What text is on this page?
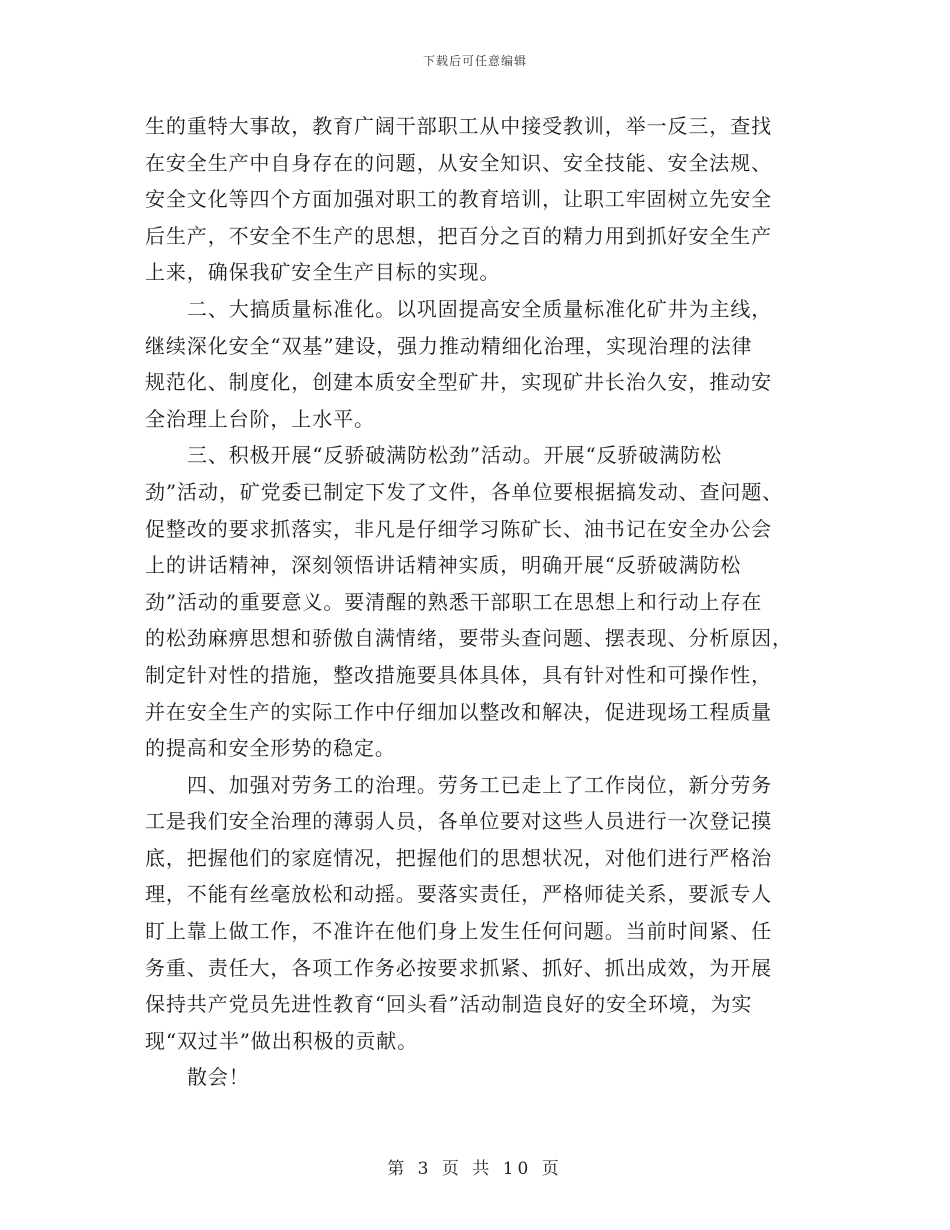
下载后可任意编辑
生的重特大事故，教育广阔干部职工从中接受教训，举一反三，查找
在安全生产中自身存在的问题，从安全知识、安全技能、安全法规、
安全文化等四个方面加强对职工的教育培训，让职工牢固树立先安全
后生产，不安全不生产的思想，把百分之百的精力用到抓好安全生产
上来，确保我矿安全生产目标的实现。
二、大搞质量标准化。以巩固提高安全质量标准化矿井为主线，
继续深化安全“双基”建设，强力推动精细化治理，实现治理的法律
规范化、制度化，创建本质安全型矿井，实现矿井长治久安，推动安
全治理上台阶，上水平。
三、积极开展“反骄破满防松劲”活动。开展“反骄破满防松
劲”活动，矿党委已制定下发了文件，各单位要根据搞发动、查问题、
促整改的要求抓落实，非凡是仔细学习陈矿长、油书记在安全办公会
上的讲话精神，深刻领悟讲话精神实质，明确开展“反骄破满防松
劲”活动的重要意义。要清醒的熟悉干部职工在思想上和行动上存在
的松劲麻痹思想和骄傲自满情绪，要带头查问题、摆表现、分析原因，
制定针对性的措施，整改措施要具体具体，具有针对性和可操作性，
并在安全生产的实际工作中仔细加以整改和解决，促进现场工程质量
的提高和安全形势的稳定。
四、加强对劳务工的治理。劳务工已走上了工作岗位，新分劳务
工是我们安全治理的薄弱人员，各单位要对这些人员进行一次登记摸
底，把握他们的家庭情况，把握他们的思想状况，对他们进行严格治
理，不能有丝毫放松和动摇。要落实责任，严格师徒关系，要派专人
盯上靠上做工作，不准许在他们身上发生任何问题。当前时间紧、任
务重、责任大，各项工作务必按要求抓紧、抓好、抓出成效，为开展
保持共产党员先进性教育“回头看”活动制造良好的安全环境，为实
现“双过半”做出积极的贡献。
散会！
第 3 页 共 10 页
